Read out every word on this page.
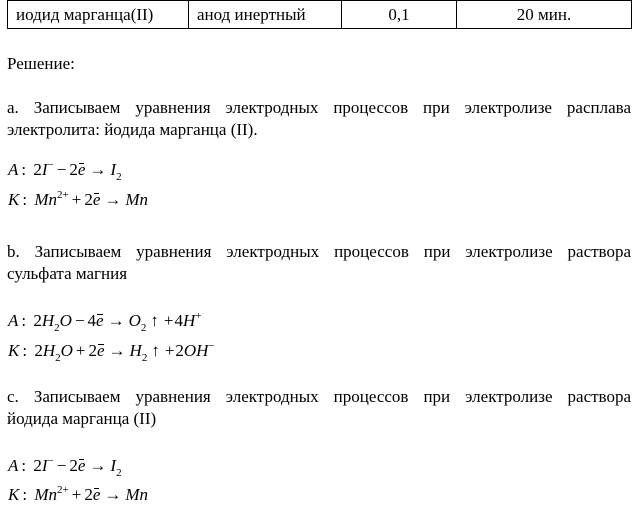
иодид марганца(II)	анод инертный	0,1	20 мин.

Решение:

а. Записываем уравнения электродных процессов при электролизе расплава

электролита: йодида марганца (II).

A : 2I− − 2e → I2
K : Mn2+ + 2e → Mn

b. Записываем уравнения электродных процессов при электролизе раствора

сульфата магния

A : 2H2O − 4e → O2 ↑ +4H+
K : 2H2O + 2e → H2 ↑ +2OH−

с. Записываем уравнения электродных процессов при электролизе раствора

йодида марганца (II)

A : 2I− − 2e → I2
K : Mn2+ + 2e → Mn
